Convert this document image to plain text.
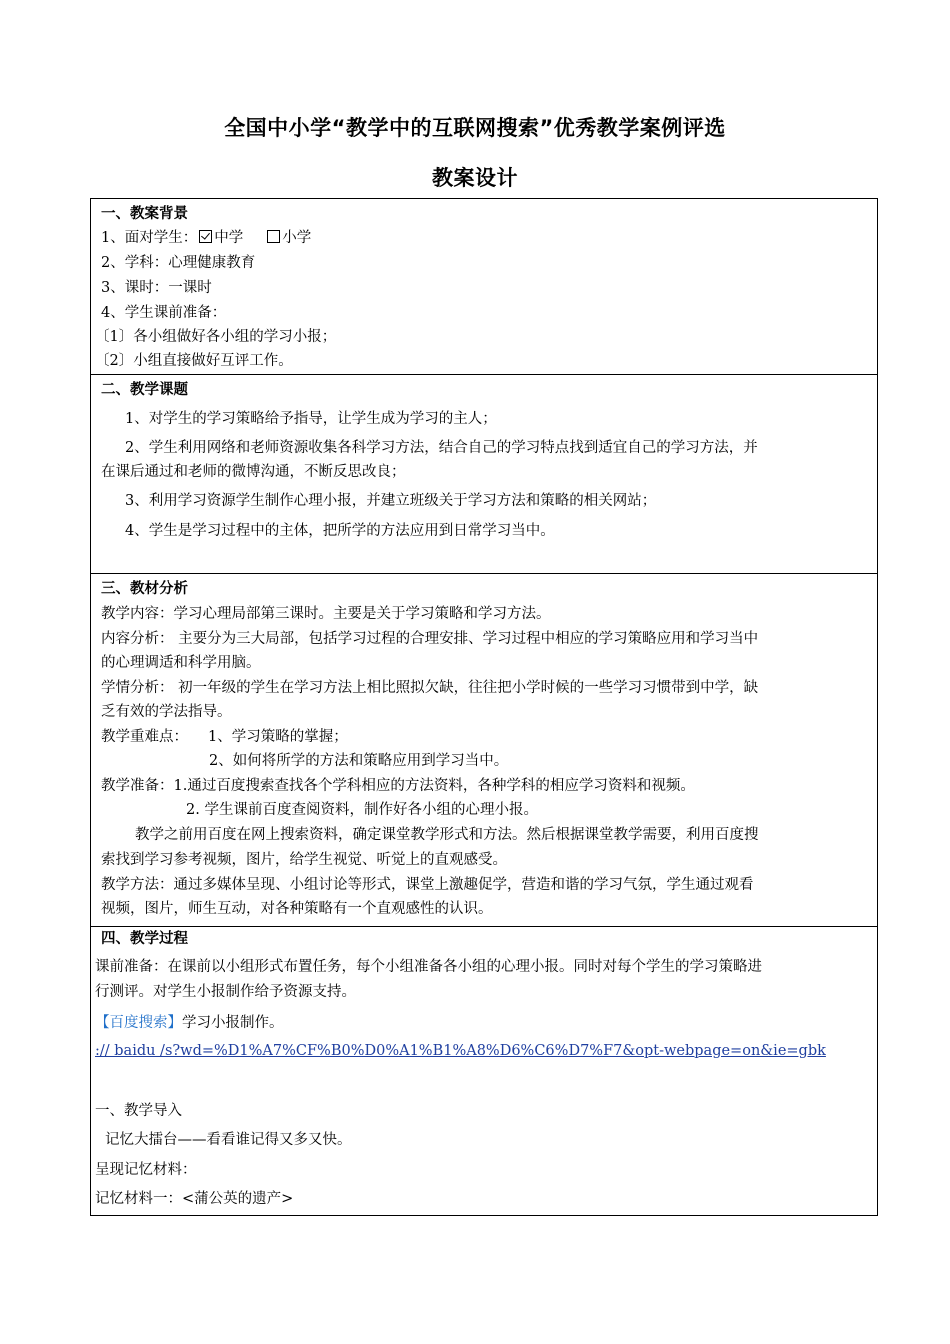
全国中小学“教学中的互联网搜索”优秀教学案例评选
教案设计
一、教案背景
1、面对学生： 中学	小学
2、学科：心理健康教育
3、课时：一课时
4、学生课前准备：
〔1〕各小组做好各小组的学习小报；
〔2〕小组直接做好互评工作。
二、教学课题
1、对学生的学习策略给予指导，让学生成为学习的主人；
2、学生利用网络和老师资源收集各科学习方法，结合自己的学习特点找到适宜自己的学习方法，并
在课后通过和老师的微博沟通，不断反思改良；
3、利用学习资源学生制作心理小报，并建立班级关于学习方法和策略的相关网站；
4、学生是学习过程中的主体，把所学的方法应用到日常学习当中。
三、教材分析
教学内容：学习心理局部第三课时。主要是关于学习策略和学习方法。
内容分析： 主要分为三大局部，包括学习过程的合理安排、学习过程中相应的学习策略应用和学习当中
的心理调适和科学用脑。
学情分析： 初一年级的学生在学习方法上相比照拟欠缺，往往把小学时候的一些学习习惯带到中学，缺
乏有效的学法指导。
教学重难点： 1、学习策略的掌握；
2、如何将所学的方法和策略应用到学习当中。
教学准备：1.通过百度搜索查找各个学科相应的方法资料，各种学科的相应学习资料和视频。
2. 学生课前百度查阅资料，制作好各小组的心理小报。
教学之前用百度在网上搜索资料，确定课堂教学形式和方法。然后根据课堂教学需要，利用百度搜
索找到学习参考视频，图片，给学生视觉、听觉上的直观感受。
教学方法：通过多媒体呈现、小组讨论等形式，课堂上激趣促学，营造和谐的学习气氛，学生通过观看
视频，图片，师生互动，对各种策略有一个直观感性的认识。
四、教学过程
课前准备：在课前以小组形式布置任务，每个小组准备各小组的心理小报。同时对每个学生的学习策略进
行测评。对学生小报制作给予资源支持。
【百度搜索】学习小报制作。
:// baidu /s?wd=%D1%A7%CF%B0%D0%A1%B1%A8%D6%C6%D7%F7&opt-webpage=on&ie=gbk
一、教学导入
记忆大擂台——看看谁记得又多又快。
呈现记忆材料：
记忆材料一：<蒲公英的遗产>
